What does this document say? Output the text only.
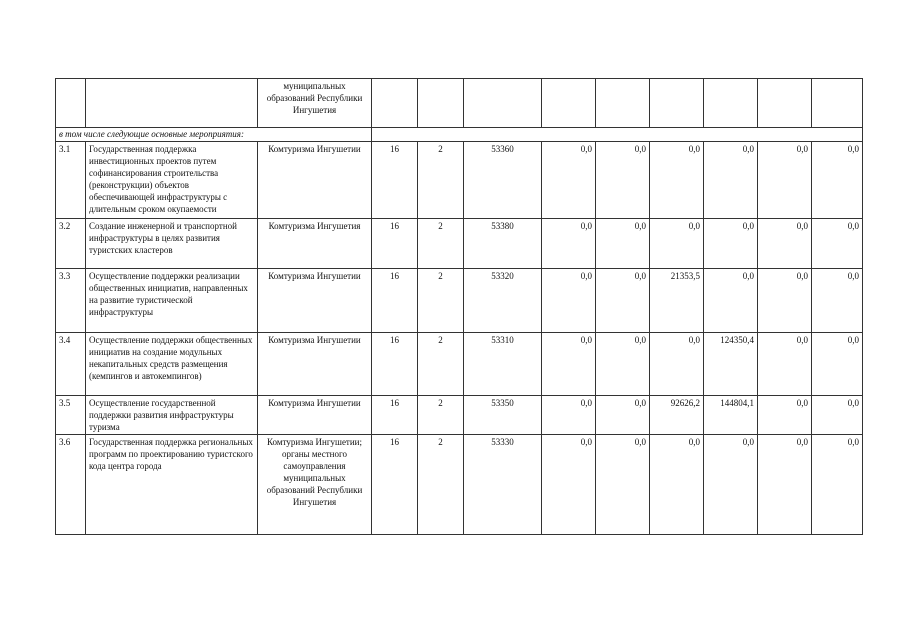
		муниципальных образований Республики Ингушетия									
в том числе следующие основные мероприятия:											
3.1	Государственная поддержка инвестиционных проектов путем софинансирования строительства (реконструкции) объектов обеспечивающей инфраструктуры с длительным сроком окупаемости	Комтуризма Ингушетии	16	2	53360	0,0	0,0	0,0	0,0	0,0	0,0
3.2	Создание инженерной и транспортной инфраструктуры в целях развития туристских кластеров	Комтуризма Ингушетия	16	2	53380	0,0	0,0	0,0	0,0	0,0	0,0
3.3	Осуществление поддержки реализации общественных инициатив, направленных на развитие туристической инфраструктуры	Комтуризма Ингушетии	16	2	53320	0,0	0,0	21353,5	0,0	0,0	0,0
3.4	Осуществление поддержки общественных инициатив на создание модульных некапитальных средств размещения (кемпингов и автокемпингов)	Комтуризма Ингушетии	16	2	53310	0,0	0,0	0,0	124350,4	0,0	0,0
3.5	Осуществление государственной поддержки развития инфраструктуры туризма	Комтуризма Ингушетии	16	2	53350	0,0	0,0	92626,2	144804,1	0,0	0,0
3.6	Государственная поддержка региональных программ по проектированию туристского кода центра города	Комтуризма Ингушетии; органы местного самоуправления муниципальных образований Республики Ингушетия	16	2	53330	0,0	0,0	0,0	0,0	0,0	0,0
